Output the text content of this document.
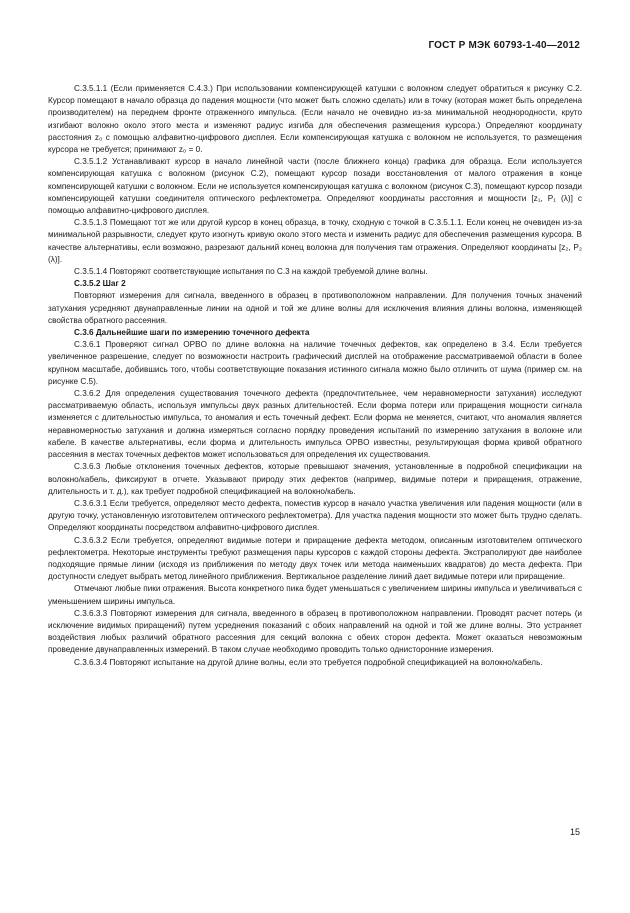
ГОСТ Р МЭК 60793-1-40—2012

C.3.5.1.1 (Если применяется С.4.3.) При использовании компенсирующей катушки с волокном следует обратиться к рисунку С.2. Курсор помещают в начало образца до падения мощности (что может быть сложно сделать) или в точку (которая может быть определена производителем) на переднем фронте отраженного импульса. (Если начало не очевидно из-за минимальной неоднородности, круто изгибают волокно около этого места и изменяют радиус изгиба для обеспечения размещения курсора.) Определяют координату расстояния z₀ с помощью алфавитно-цифрового дисплея. Если компенсирующая катушка с волокном не используется, то размещения курсора не требуется; принимают z₀ = 0.

C.3.5.1.2 Устанавливают курсор в начало линейной части (после ближнего конца) графика для образца. Если используется компенсирующая катушка с волокном (рисунок С.2), помещают курсор позади восстановления от малого отражения в конце компенсирующей катушки с волокном. Если не используется компенсирующая катушка с волокном (рисунок С.3), помещают курсор позади компенсирующей катушки соединителя оптического рефлектометра. Определяют координаты расстояния и мощности [z₁, P₁ (λ)] с помощью алфавитно-цифрового дисплея.

C.3.5.1.3 Помещают тот же или другой курсор в конец образца, в точку, сходную с точкой в С.3.5.1.1. Если конец не очевиден из-за минимальной разрывности, следует круто изогнуть кривую около этого места и изменить радиус для обеспечения размещения курсора. В качестве альтернативы, если возможно, разрезают дальний конец волокна для получения там отражения. Определяют координаты [z₂, P₂ (λ)].

C.3.5.1.4 Повторяют соответствующие испытания по С.3 на каждой требуемой длине волны.

C.3.5.2 Шаг 2

Повторяют измерения для сигнала, введенного в образец в противоположном направлении. Для получения точных значений затухания усредняют двунаправленные линии на одной и той же длине волны для исключения влияния длины волокна, изменяющей свойства обратного рассеяния.

C.3.6 Дальнейшие шаги по измерению точечного дефекта

C.3.6.1 Проверяют сигнал OPBO по длине волокна на наличие точечных дефектов, как определено в 3.4. Если требуется увеличенное разрешение, следует по возможности настроить графический дисплей на отображение рассматриваемой области в более крупном масштабе, добившись того, чтобы соответствующие показания истинного сигнала можно было отличить от шума (пример см. на рисунке С.5).

C.3.6.2 Для определения существования точечного дефекта (предпочтительнее, чем неравномерности затухания) исследуют рассматриваемую область, используя импульсы двух разных длительностей. Если форма потери или приращения мощности сигнала изменяется с длительностью импульса, то аномалия и есть точечный дефект. Если форма не меняется, считают, что аномалия является неравномерностью затухания и должна измеряться согласно порядку проведения испытаний по измерению затухания в волокне или кабеле. В качестве альтернативы, если форма и длительность импульса OPBO известны, результирующая форма кривой обратного рассеяния в местах точечных дефектов может использоваться для определения их существования.

C.3.6.3 Любые отклонения точечных дефектов, которые превышают значения, установленные в подробной спецификации на волокно/кабель, фиксируют в отчете. Указывают природу этих дефектов (например, видимые потери и приращения, отражение, длительность и т. д.), как требует подробной спецификацией на волокно/кабель.

C.3.6.3.1 Если требуется, определяют место дефекта, поместив курсор в начало участка увеличения или падения мощности (или в другую точку, установленную изготовителем оптического рефлектометра). Для участка падения мощности это может быть трудно сделать. Определяют координаты посредством алфавитно-цифрового дисплея.

C.3.6.3.2 Если требуется, определяют видимые потери и приращение дефекта методом, описанным изготовителем оптического рефлектометра. Некоторые инструменты требуют размещения пары курсоров с каждой стороны дефекта. Экстраполируют две наиболее подходящие прямые линии (исходя из приближения по методу двух точек или метода наименьших квадратов) до места дефекта. При доступности следует выбрать метод линейного приближения. Вертикальное разделение линий дает видимые потери или приращение.

Отмечают любые пики отражения. Высота конкретного пика будет уменьшаться с увеличением ширины импульса и увеличиваться с уменьшением ширины импульса.

C.3.6.3.3 Повторяют измерения для сигнала, введенного в образец в противоположном направлении. Проводят расчет потерь (и исключение видимых приращений) путем усреднения показаний с обоих направлений на одной и той же длине волны. Это устраняет воздействия любых различий обратного рассеяния для секций волокна с обеих сторон дефекта. Может оказаться невозможным проведение двунаправленных измерений. В таком случае необходимо проводить только однисторонние измерения.

C.3.6.3.4 Повторяют испытание на другой длине волны, если это требуется подробной спецификацией на волокно/кабель.

15
